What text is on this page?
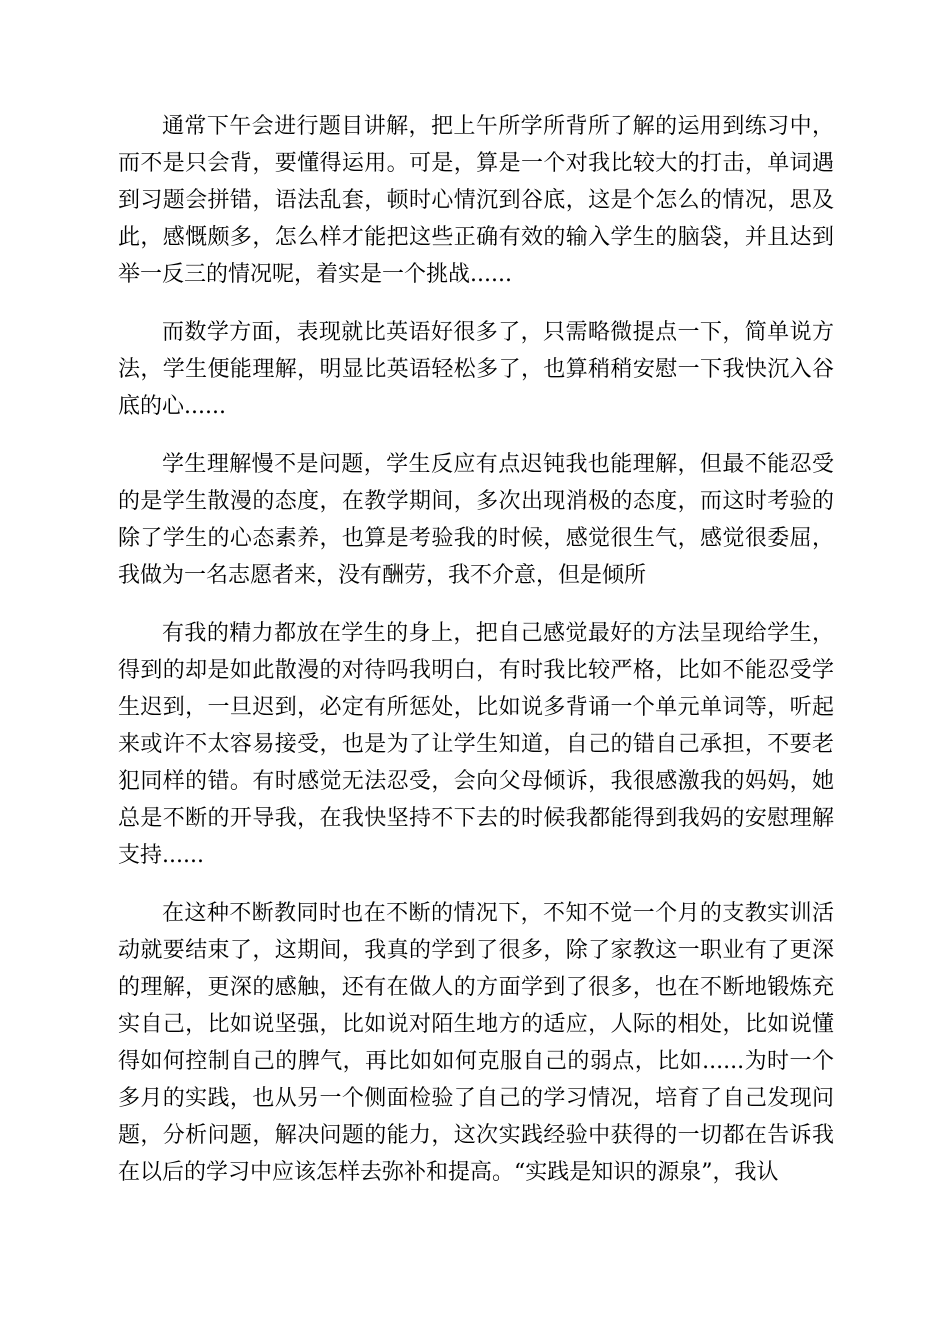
通常下午会进行题目讲解，把上午所学所背所了解的运用到练习中，而不是只会背，要懂得运用。可是，算是一个对我比较大的打击，单词遇到习题会拼错，语法乱套，顿时心情沉到谷底，这是个怎么的情况，思及此，感慨颇多，怎么样才能把这些正确有效的输入学生的脑袋，并且达到举一反三的情况呢，着实是一个挑战......

而数学方面，表现就比英语好很多了，只需略微提点一下，简单说方法，学生便能理解，明显比英语轻松多了，也算稍稍安慰一下我快沉入谷底的心......

学生理解慢不是问题，学生反应有点迟钝我也能理解，但最不能忍受的是学生散漫的态度，在教学期间，多次出现消极的态度，而这时考验的除了学生的心态素养，也算是考验我的时候，感觉很生气，感觉很委屈，我做为一名志愿者来，没有酬劳，我不介意，但是倾所

有我的精力都放在学生的身上，把自己感觉最好的方法呈现给学生，得到的却是如此散漫的对待吗我明白，有时我比较严格，比如不能忍受学生迟到，一旦迟到，必定有所惩处，比如说多背诵一个单元单词等，听起来或许不太容易接受，也是为了让学生知道，自己的错自己承担，不要老犯同样的错。有时感觉无法忍受，会向父母倾诉，我很感激我的妈妈，她总是不断的开导我，在我快坚持不下去的时候我都能得到我妈的安慰理解支持......

在这种不断教同时也在不断的情况下，不知不觉一个月的支教实训活动就要结束了，这期间，我真的学到了很多，除了家教这一职业有了更深的理解，更深的感触，还有在做人的方面学到了很多，也在不断地锻炼充实自己，比如说坚强，比如说对陌生地方的适应，人际的相处，比如说懂得如何控制自己的脾气，再比如如何克服自己的弱点，比如......为时一个多月的实践，也从另一个侧面检验了自己的学习情况，培育了自己发现问题，分析问题，解决问题的能力，这次实践经验中获得的一切都在告诉我在以后的学习中应该怎样去弥补和提高。“实践是知识的源泉”，我认
